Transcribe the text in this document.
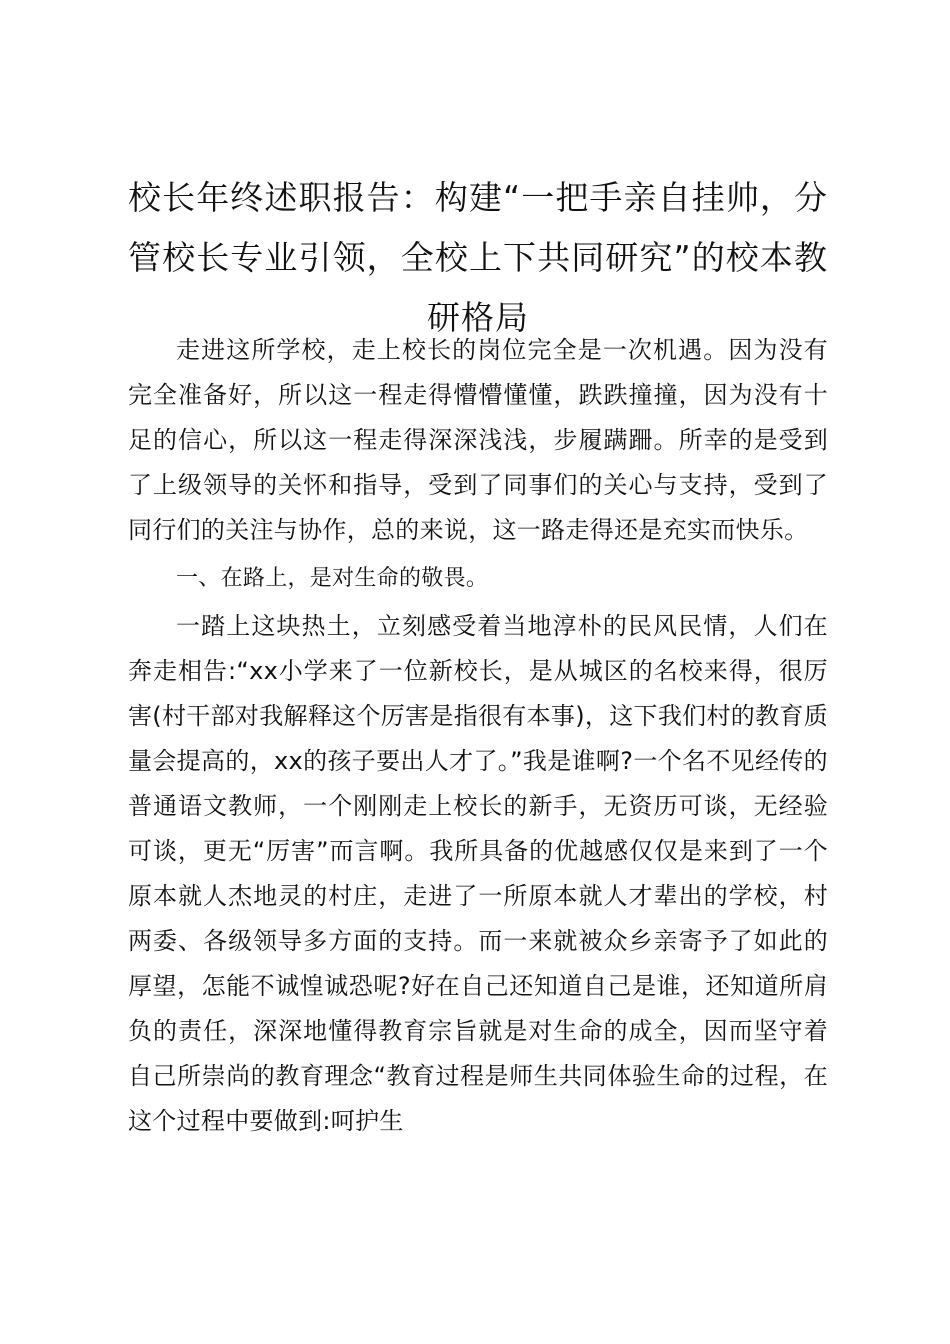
校长年终述职报告：构建“一把手亲自挂帅，分管校长专业引领，全校上下共同研究”的校本教研格局

走进这所学校，走上校长的岗位完全是一次机遇。因为没有完全准备好，所以这一程走得懵懵懂懂，跌跌撞撞，因为没有十足的信心，所以这一程走得深深浅浅，步履蹒跚。所幸的是受到了上级领导的关怀和指导，受到了同事们的关心与支持，受到了同行们的关注与协作，总的来说，这一路走得还是充实而快乐。

一、在路上，是对生命的敬畏。

一踏上这块热土，立刻感受着当地淳朴的民风民情，人们在奔走相告:“xx小学来了一位新校长，是从城区的名校来得，很厉害(村干部对我解释这个厉害是指很有本事)，这下我们村的教育质量会提高的，xx的孩子要出人才了。”我是谁啊?一个名不见经传的普通语文教师，一个刚刚走上校长的新手，无资历可谈，无经验可谈，更无“厉害”而言啊。我所具备的优越感仅仅是来到了一个原本就人杰地灵的村庄，走进了一所原本就人才辈出的学校，村两委、各级领导多方面的支持。而一来就被众乡亲寄予了如此的厚望，怎能不诚惶诚恐呢?好在自己还知道自己是谁，还知道所肩负的责任，深深地懂得教育宗旨就是对生命的成全，因而坚守着自己所崇尚的教育理念“教育过程是师生共同体验生命的过程，在这个过程中要做到:呵护生
